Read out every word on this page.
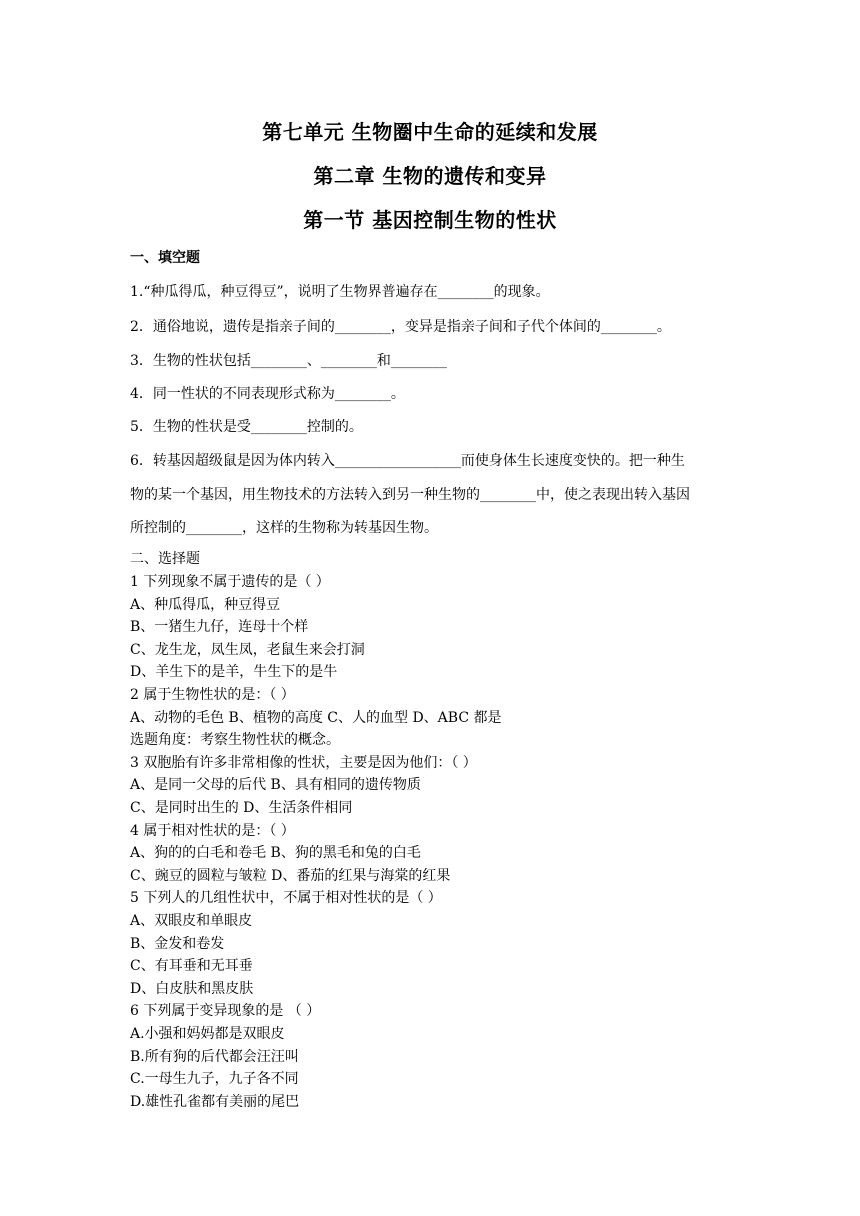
第七单元 生物圈中生命的延续和发展
第二章 生物的遗传和变异
第一节 基因控制生物的性状
一、填空题
1.“种瓜得瓜，种豆得豆”，说明了生物界普遍存在________的现象。
2．通俗地说，遗传是指亲子间的________，变异是指亲子间和子代个体间的________。
3．生物的性状包括________、________和________
4．同一性状的不同表现形式称为________。
5．生物的性状是受________控制的。
6．转基因超级鼠是因为体内转入__________________而使身体生长速度变快的。把一种生
物的某一个基因，用生物技术的方法转入到另一种生物的________中，使之表现出转入基因
所控制的________，这样的生物称为转基因生物。
二、选择题
1 下列现象不属于遗传的是（ ）
A、种瓜得瓜，种豆得豆
B、一猪生九仔，连母十个样
C、龙生龙，凤生凤，老鼠生来会打洞
D、羊生下的是羊，牛生下的是牛
2 属于生物性状的是：（ ）
A、动物的毛色 B、植物的高度 C、人的血型 D、ABC 都是
选题角度：考察生物性状的概念。
3 双胞胎有许多非常相像的性状，主要是因为他们：（ ）
A、是同一父母的后代 B、具有相同的遗传物质
C、是同时出生的 D、生活条件相同
4 属于相对性状的是：（ ）
A、狗的的白毛和卷毛 B、狗的黑毛和兔的白毛
C、豌豆的圆粒与皱粒 D、番茄的红果与海棠的红果
5 下列人的几组性状中，不属于相对性状的是（ ）
A、双眼皮和单眼皮
B、金发和卷发
C、有耳垂和无耳垂
D、白皮肤和黑皮肤
6 下列属于变异现象的是 （ ）
A.小强和妈妈都是双眼皮
B.所有狗的后代都会汪汪叫
C.一母生九子，九子各不同
D.雄性孔雀都有美丽的尾巴
